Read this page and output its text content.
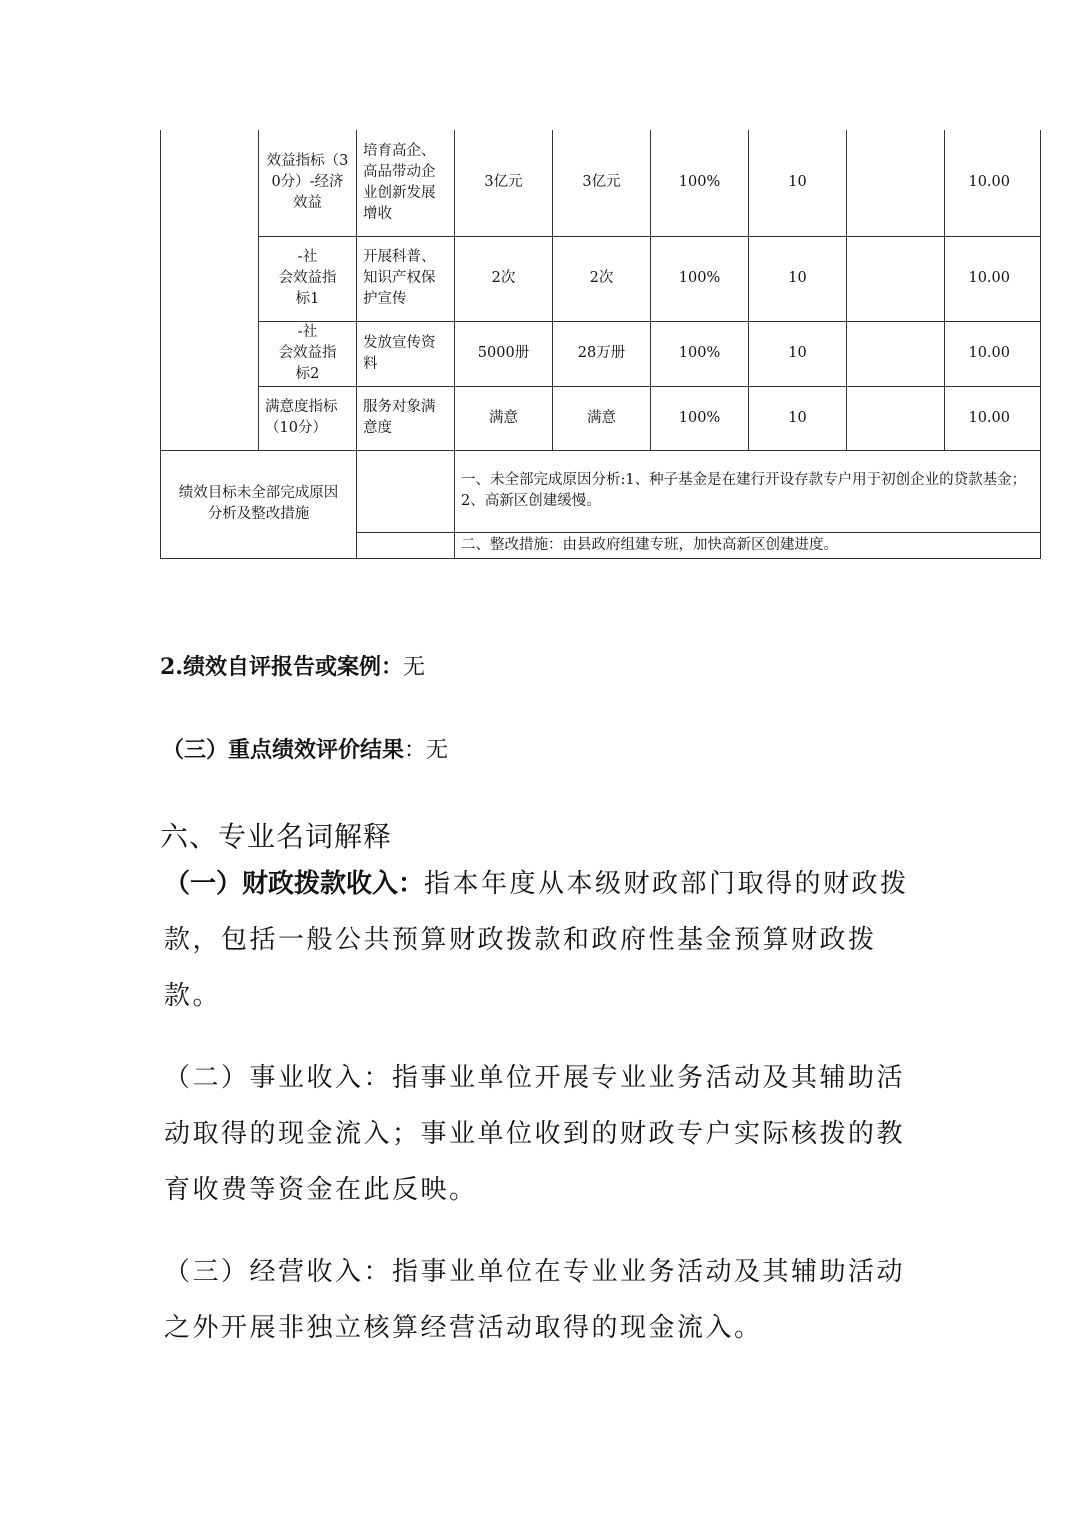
	效益指标（30分）-经济效益	培育高企、高品带动企业创新发展增收	3亿元	3亿元	100%	10		10.00
	-社
会效益指
标1	开展科普、知识产权保护宣传	2次	2次	100%	10		10.00
	-社
会效益指
标2	发放宣传资料	5000册	28万册	100%	10		10.00
	满意度指标（10分）	服务对象满意度	满意	满意	100%	10		10.00
绩效目标未全部完成原因分析及整改措施			一、未全部完成原因分析:1、种子基金是在建行开设存款专户用于初创企业的贷款基金；2、高新区创建缓慢。					
			二、整改措施：由县政府组建专班，加快高新区创建进度。					

2.绩效自评报告或案例：无

（三）重点绩效评价结果：无

六、专业名词解释

（一）财政拨款收入：指本年度从本级财政部门取得的财政拨款，包括一般公共预算财政拨款和政府性基金预算财政拨款。

（二）事业收入：指事业单位开展专业业务活动及其辅助活动取得的现金流入；事业单位收到的财政专户实际核拨的教育收费等资金在此反映。

（三）经营收入：指事业单位在专业业务活动及其辅助活动之外开展非独立核算经营活动取得的现金流入。
